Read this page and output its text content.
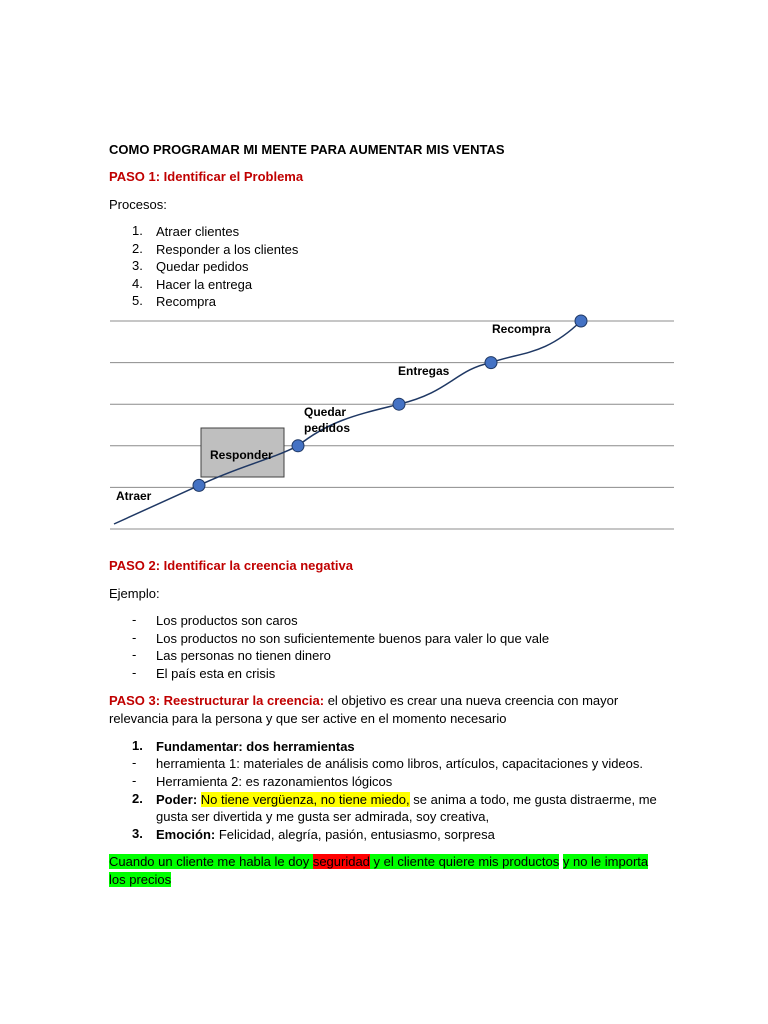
COMO PROGRAMAR MI MENTE PARA AUMENTAR MIS VENTAS
PASO 1: Identificar el Problema
Procesos:
1. Atraer clientes
2. Responder a los clientes
3. Quedar pedidos
4. Hacer la entrega
5. Recompra
Atraer
Responder
Quedar
pedidos
Entregas
Recompra
PASO 2: Identificar la creencia negativa
Ejemplo:
- Los productos son caros
- Los productos no son suficientemente buenos para valer lo que vale
- Las personas no tienen dinero
- El país esta en crisis
PASO 3: Reestructurar la creencia: el objetivo es crear una nueva creencia con mayor
relevancia para la persona y que ser active en el momento necesario
1. Fundamentar: dos herramientas
- herramienta 1: materiales de análisis como libros, artículos, capacitaciones y videos.
- Herramienta 2: es razonamientos lógicos
2. Poder: No tiene vergüenza, no tiene miedo, se anima a todo, me gusta distraerme, me
gusta ser divertida y me gusta ser admirada, soy creativa,
3. Emoción: Felicidad, alegría, pasión, entusiasmo, sorpresa
Cuando un cliente me habla le doy seguridad y el cliente quiere mis productos y no le importa
los precios
